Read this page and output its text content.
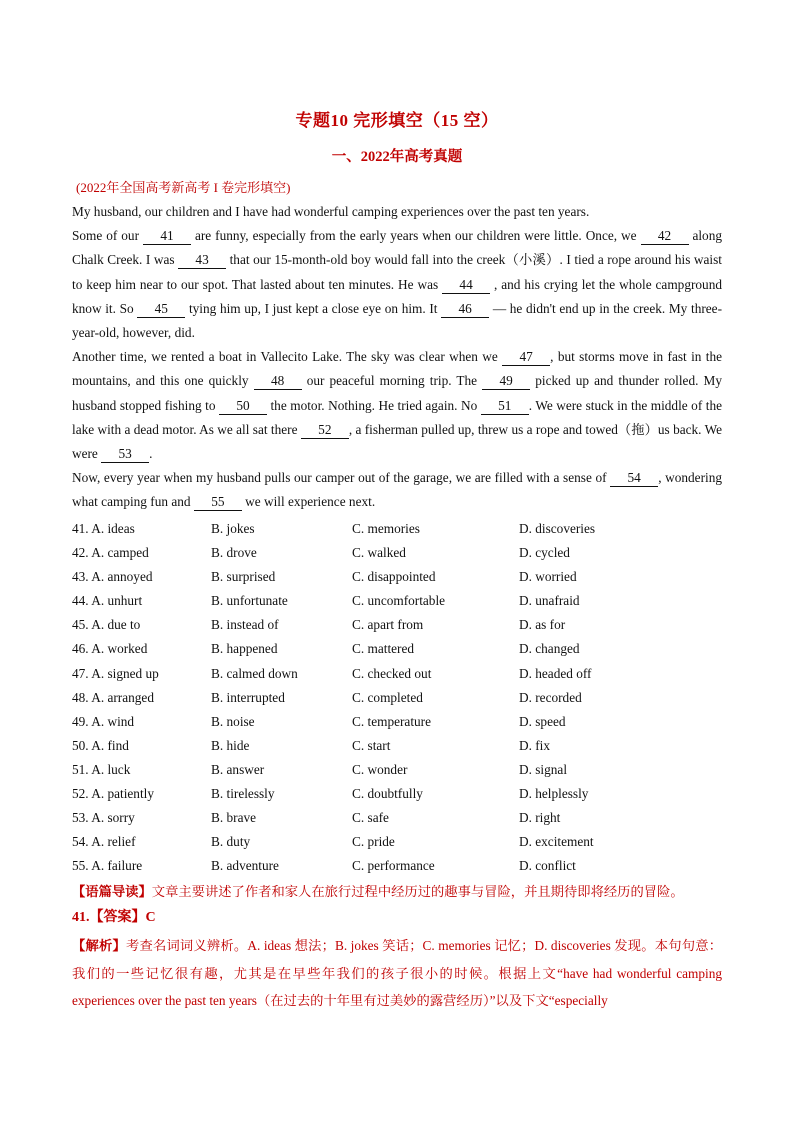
专题10 完形填空（15 空）
一、2022年高考真题
(2022年全国高考新高考 I 卷完形填空)

My husband, our children and I have had wonderful camping experiences over the past ten years.

Some of our 41 are funny, especially from the early years when our children were little. Once, we 42 along Chalk Creek. I was 43 that our 15-month-old boy would fall into the creek（小溪）. I tied a rope around his waist to keep him near to our spot. That lasted about ten minutes. He was 44 , and his crying let the whole campground know it. So 45 tying him up, I just kept a close eye on him. It 46 — he didn't end up in the creek. My three-year-old, however, did.

Another time, we rented a boat in Vallecito Lake. The sky was clear when we 47 , but storms move in fast in the mountains, and this one quickly 48 our peaceful morning trip. The 49 picked up and thunder rolled. My husband stopped fishing to 50 the motor. Nothing. He tried again. No 51 . We were stuck in the middle of the lake with a dead motor. As we all sat there 52 , a fisherman pulled up, threw us a rope and towed（拖）us back. We were 53 .

Now, every year when my husband pulls our camper out of the garage, we are filled with a sense of 54 , wondering what camping fun and 55 we will experience next.

41. A. ideas	B. jokes	C. memories	D. discoveries
42. A. camped	B. drove	C. walked	D. cycled
43. A. annoyed	B. surprised	C. disappointed	D. worried
44. A. unhurt	B. unfortunate	C. uncomfortable	D. unafraid
45. A. due to	B. instead of	C. apart from	D. as for
46. A. worked	B. happened	C. mattered	D. changed
47. A. signed up	B. calmed down	C. checked out	D. headed off
48. A. arranged	B. interrupted	C. completed	D. recorded
49. A. wind	B. noise	C. temperature	D. speed
50. A. find	B. hide	C. start	D. fix
51. A. luck	B. answer	C. wonder	D. signal
52. A. patiently	B. tirelessly	C. doubtfully	D. helplessly
53. A. sorry	B. brave	C. safe	D. right
54. A. relief	B. duty	C. pride	D. excitement
55. A. failure	B. adventure	C. performance	D. conflict
【语篇导读】文章主要讲述了作者和家人在旅行过程中经历过的趣事与冒险，并且期待即将经历的冒险。
41.【答案】C
【解析】考查名词词义辨析。A. ideas 想法；B. jokes 笑话；C. memories 记忆；D. discoveries 发现。本句句意：我们的一些记忆很有趣，尤其是在早些年我们的孩子很小的时候。根据上文“have had wonderful camping experiences over the past ten years（在过去的十年里有过美妙的露营经历）”以及下文“especially
